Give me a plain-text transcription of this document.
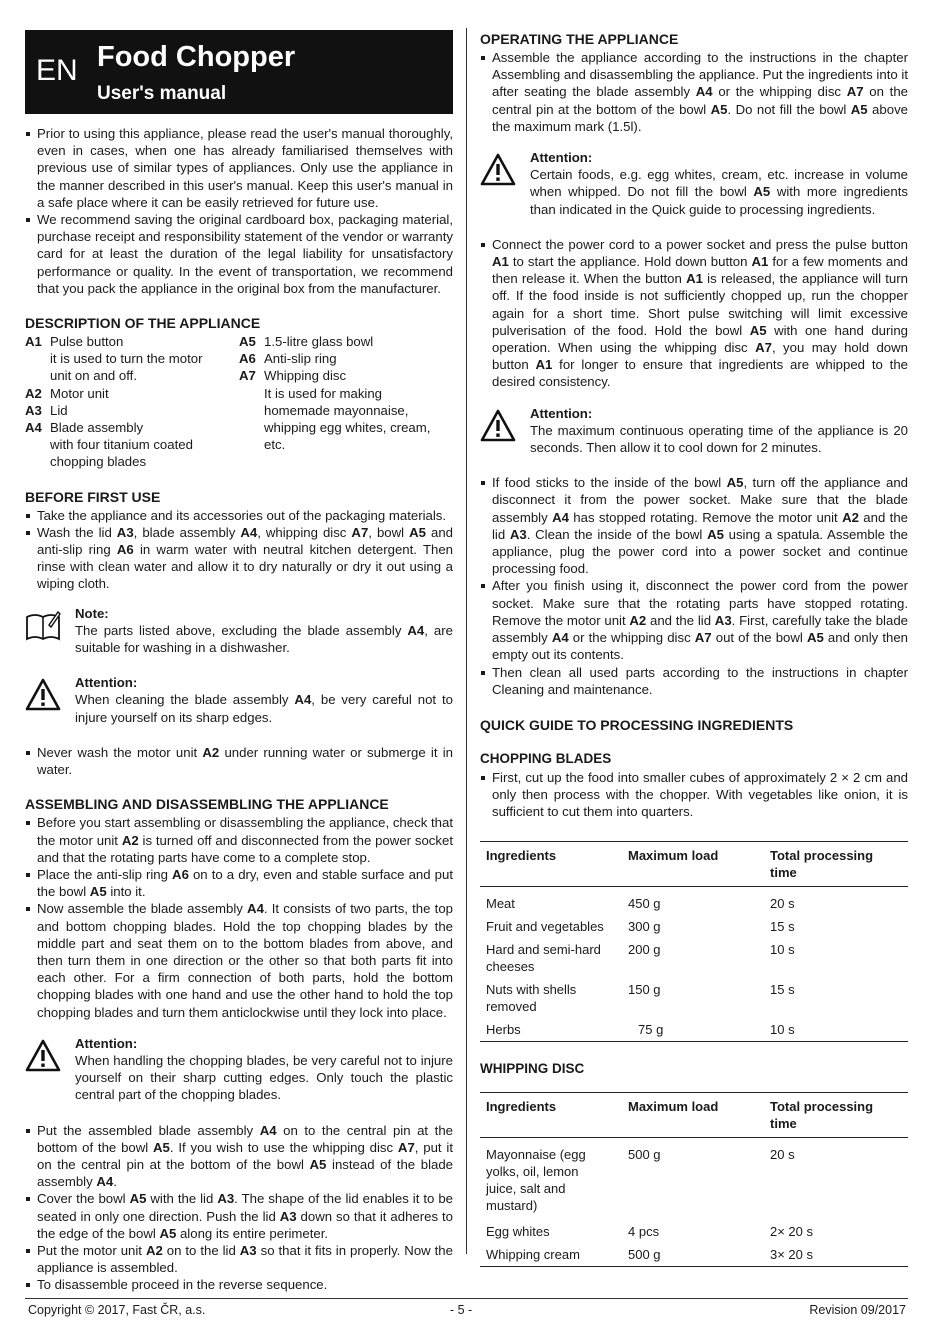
EN Food Chopper
User's manual
Prior to using this appliance, please read the user's manual thoroughly, even in cases, when one has already familiarised themselves with previous use of similar types of appliances. Only use the appliance in the manner described in this user's manual. Keep this user's manual in a safe place where it can be easily retrieved for future use.
We recommend saving the original cardboard box, packaging material, purchase receipt and responsibility statement of the vendor or warranty card for at least the duration of the legal liability for unsatisfactory performance or quality. In the event of transportation, we recommend that you pack the appliance in the original box from the manufacturer.
DESCRIPTION OF THE APPLIANCE
A1 Pulse button
it is used to turn the motor unit on and off.
A2 Motor unit
A3 Lid
A4 Blade assembly
with four titanium coated chopping blades
A5 1.5-litre glass bowl
A6 Anti-slip ring
A7 Whipping disc
It is used for making homemade mayonnaise, whipping egg whites, cream, etc.
BEFORE FIRST USE
Take the appliance and its accessories out of the packaging materials.
Wash the lid A3, blade assembly A4, whipping disc A7, bowl A5 and anti-slip ring A6 in warm water with neutral kitchen detergent. Then rinse with clean water and allow it to dry naturally or dry it out using a wiping cloth.
Note:

The parts listed above, excluding the blade assembly A4, are suitable for washing in a dishwasher.

Attention:

When cleaning the blade assembly A4, be very careful not to injure yourself on its sharp edges.

Never wash the motor unit A2 under running water or submerge it in water.
ASSEMBLING AND DISASSEMBLING THE APPLIANCE
Before you start assembling or disassembling the appliance, check that the motor unit A2 is turned off and disconnected from the power socket and that the rotating parts have come to a complete stop.
Place the anti-slip ring A6 on to a dry, even and stable surface and put the bowl A5 into it.
Now assemble the blade assembly A4. It consists of two parts, the top and bottom chopping blades. Hold the top chopping blades by the middle part and seat them on to the bottom blades from above, and then turn them in one direction or the other so that both parts fit into each other. For a firm connection of both parts, hold the bottom chopping blades with one hand and use the other hand to hold the top chopping blades and turn them anticlockwise until they lock into place.
Attention:

When handling the chopping blades, be very careful not to injure yourself on their sharp cutting edges. Only touch the plastic central part of the chopping blades.

Put the assembled blade assembly A4 on to the central pin at the bottom of the bowl A5. If you wish to use the whipping disc A7, put it on the central pin at the bottom of the bowl A5 instead of the blade assembly A4.
Cover the bowl A5 with the lid A3. The shape of the lid enables it to be seated in only one direction. Push the lid A3 down so that it adheres to the edge of the bowl A5 along its entire perimeter.
Put the motor unit A2 on to the lid A3 so that it fits in properly. Now the appliance is assembled.
To disassemble proceed in the reverse sequence.
OPERATING THE APPLIANCE
Assemble the appliance according to the instructions in the chapter Assembling and disassembling the appliance. Put the ingredients into it after seating the blade assembly A4 or the whipping disc A7 on the central pin at the bottom of the bowl A5. Do not fill the bowl A5 above the maximum mark (1.5l).
Attention:

Certain foods, e.g. egg whites, cream, etc. increase in volume when whipped. Do not fill the bowl A5 with more ingredients than indicated in the Quick guide to processing ingredients.

Connect the power cord to a power socket and press the pulse button A1 to start the appliance. Hold down button A1 for a few moments and then release it. When the button A1 is released, the appliance will turn off. If the food inside is not sufficiently chopped up, run the chopper again for a short time. Short pulse switching will limit excessive pulverisation of the food. Hold the bowl A5 with one hand during operation. When using the whipping disc A7, you may hold down button A1 for longer to ensure that ingredients are whipped to the desired consistency.
Attention:

The maximum continuous operating time of the appliance is 20 seconds. Then allow it to cool down for 2 minutes.

If food sticks to the inside of the bowl A5, turn off the appliance and disconnect it from the power socket. Make sure that the blade assembly A4 has stopped rotating. Remove the motor unit A2 and the lid A3. Clean the inside of the bowl A5 using a spatula. Assemble the appliance, plug the power cord into a power socket and continue processing food.
After you finish using it, disconnect the power cord from the power socket. Make sure that the rotating parts have stopped rotating. Remove the motor unit A2 and the lid A3. First, carefully take the blade assembly A4 or the whipping disc A7 out of the bowl A5 and only then empty out its contents.
Then clean all used parts according to the instructions in chapter Cleaning and maintenance.
QUICK GUIDE TO PROCESSING INGREDIENTS
CHOPPING BLADES
First, cut up the food into smaller cubes of approximately 2 × 2 cm and only then process with the chopper. With vegetables like onion, it is sufficient to cut them into quarters.
Ingredients	Maximum load	Total processing time
Meat	450 g	20 s
Fruit and vegetables	300 g	15 s
Hard and semi-hard cheeses	200 g	10 s
Nuts with shells removed	150 g	15 s
Herbs	75 g	10 s
WHIPPING DISC
Ingredients	Maximum load	Total processing time
Mayonnaise (egg yolks, oil, lemon juice, salt and mustard)	500 g	20 s
Egg whites	4 pcs	2× 20 s
Whipping cream	500 g	3× 20 s
Copyright © 2017, Fast ČR, a.s.	- 5 -	Revision 09/2017
